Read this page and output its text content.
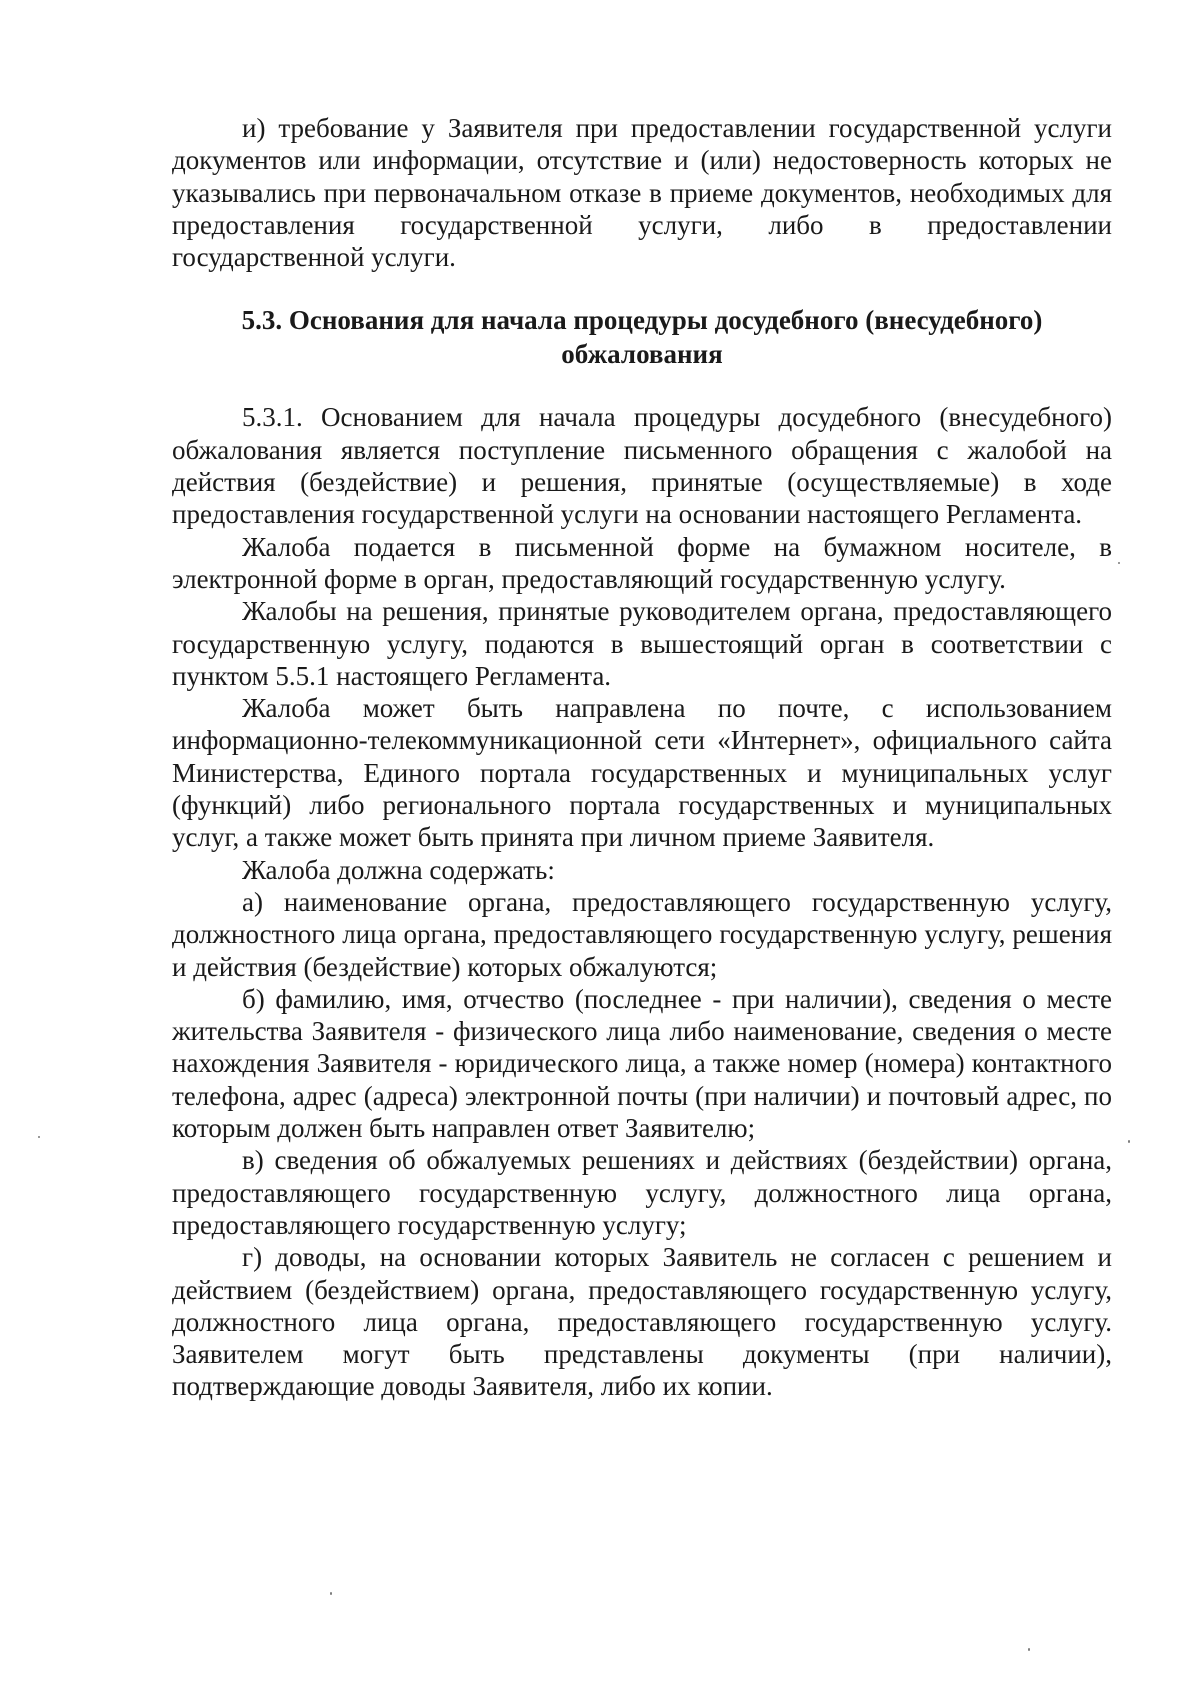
и) требование у Заявителя при предоставлении государственной услуги документов или информации, отсутствие и (или) недостоверность которых не указывались при первоначальном отказе в приеме документов, необходимых для предоставления государственной услуги, либо в предоставлении государственной услуги.

5.3. Основания для начала процедуры досудебного (внесудебного) обжалования

5.3.1. Основанием для начала процедуры досудебного (внесудебного) обжалования является поступление письменного обращения с жалобой на действия (бездействие) и решения, принятые (осуществляемые) в ходе предоставления государственной услуги на основании настоящего Регламента.

Жалоба подается в письменной форме на бумажном носителе, в электронной форме в орган, предоставляющий государственную услугу.

Жалобы на решения, принятые руководителем органа, предоставляющего государственную услугу, подаются в вышестоящий орган в соответствии с пунктом 5.5.1 настоящего Регламента.

Жалоба может быть направлена по почте, с использованием информационно-телекоммуникационной сети «Интернет», официального сайта Министерства, Единого портала государственных и муниципальных услуг (функций) либо регионального портала государственных и муниципальных услуг, а также может быть принята при личном приеме Заявителя.

Жалоба должна содержать:

а) наименование органа, предоставляющего государственную услугу, должностного лица органа, предоставляющего государственную услугу, решения и действия (бездействие) которых обжалуются;

б) фамилию, имя, отчество (последнее - при наличии), сведения о месте жительства Заявителя - физического лица либо наименование, сведения о месте нахождения Заявителя - юридического лица, а также номер (номера) контактного телефона, адрес (адреса) электронной почты (при наличии) и почтовый адрес, по которым должен быть направлен ответ Заявителю;

в) сведения об обжалуемых решениях и действиях (бездействии) органа, предоставляющего государственную услугу, должностного лица органа, предоставляющего государственную услугу;

г) доводы, на основании которых Заявитель не согласен с решением и действием (бездействием) органа, предоставляющего государственную услугу, должностного лица органа, предоставляющего государственную услугу. Заявителем могут быть представлены документы (при наличии), подтверждающие доводы Заявителя, либо их копии.
